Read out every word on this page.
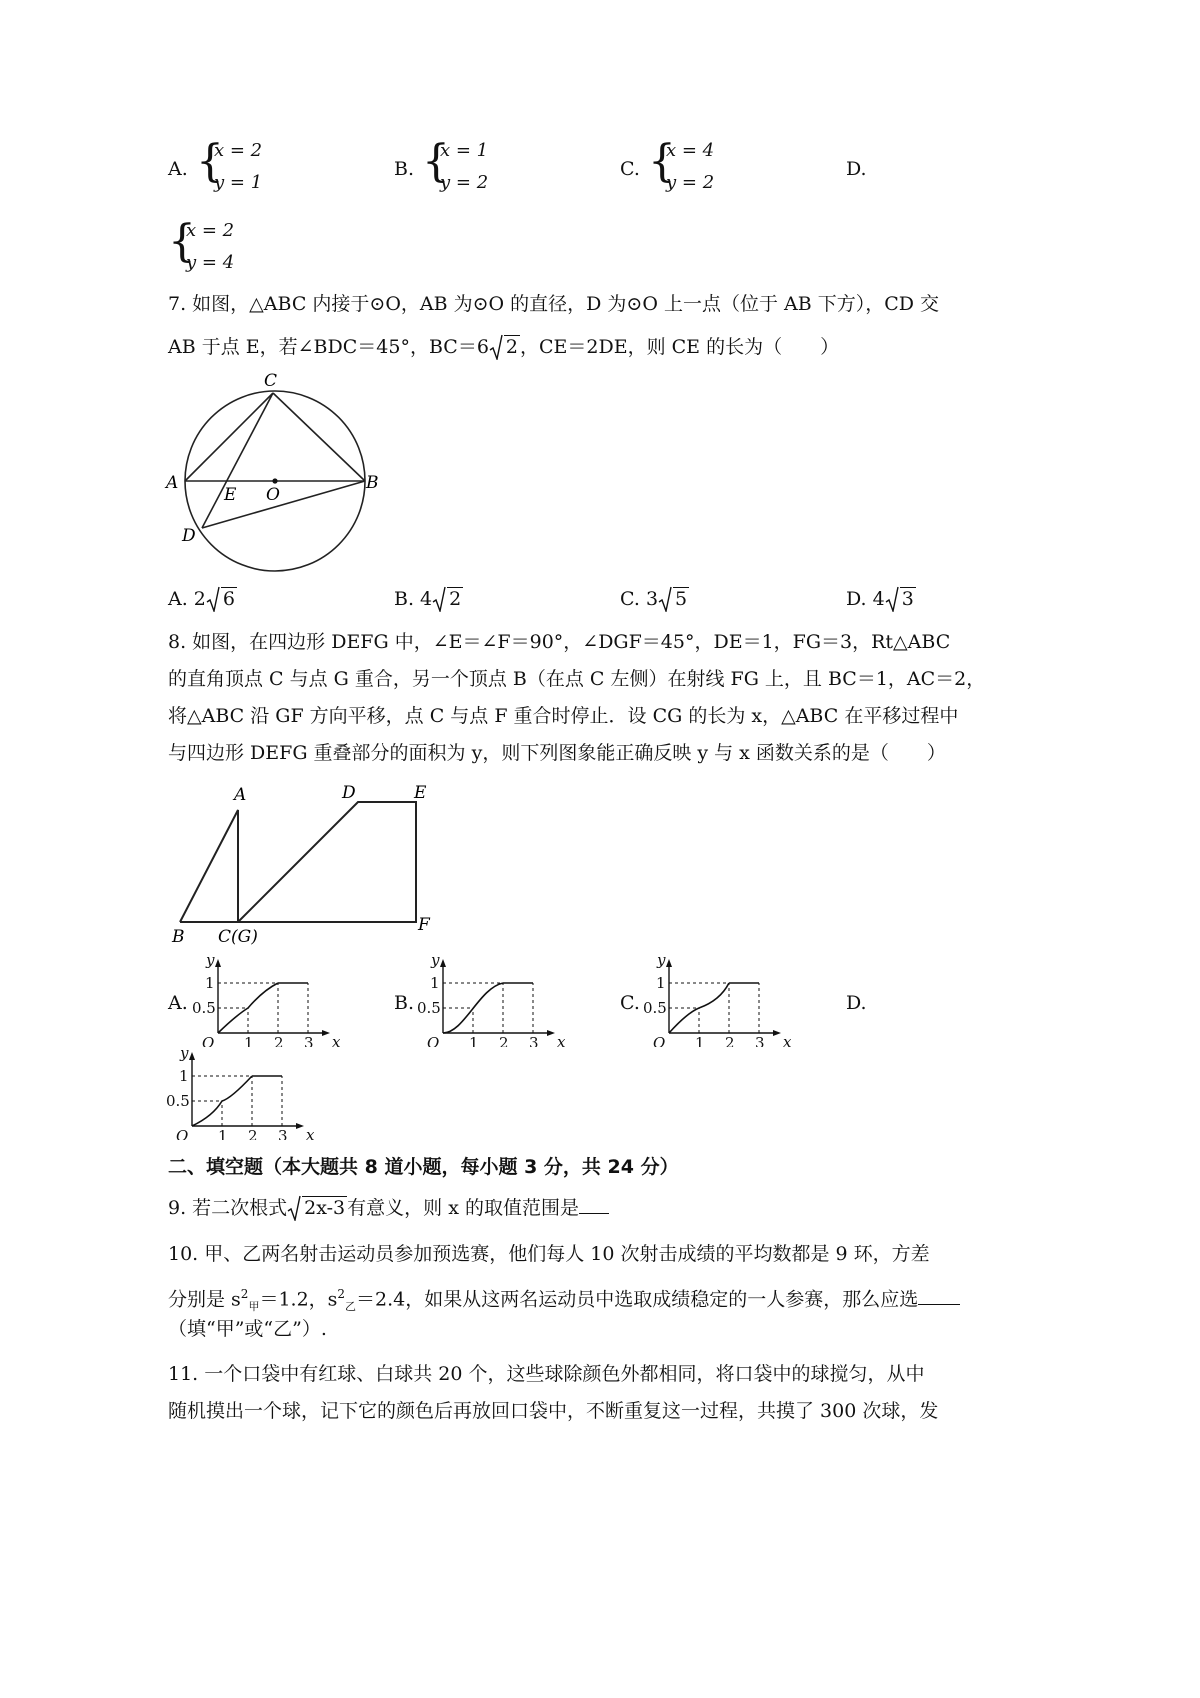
A. {
x = 2
y = 1
B. {
x = 1
y = 2
C. {
x = 4
y = 2
D.
{
x = 2
y = 4
7. 如图，△ABC 内接于⊙O，AB 为⊙O 的直径，D 为⊙O 上一点（位于 AB 下方），CD 交
AB 于点 E，若∠BDC＝45°，BC＝6 2 ，CE＝2DE，则 CE 的长为（　　）
C
A
E O
B
D
A. 2 6	B. 4 2	C. 3 5	D. 4 3
8. 如图，在四边形 DEFG 中，∠E＝∠F＝90°，∠DGF＝45°，DE＝1，FG＝3，Rt△ABC
的直角顶点 C 与点 G 重合，另一个顶点 B（在点 C 左侧）在射线 FG 上，且 BC＝1，AC＝2，
将△ABC 沿 GF 方向平移，点 C 与点 F 重合时停止．设 CG 的长为 x，△ABC 在平移过程中
与四边形 DEFG 重叠部分的面积为 y，则下列图象能正确反映 y 与 x 函数关系的是（　　）
A	D	E
B C(G)
F
A.	B.	C.	D.
y
x
O
1
0.5
1 2 3
y
x
O
1
0.5
1 2 3
y
x
O
1
0.5
1 2 3
y
x
O
1
0.5
1 2 3
二、填空题（本大题共 8 道小题，每小题 3 分，共 24 分）
9. 若二次根式 2x-3 有意义，则 x 的取值范围是
10. 甲、乙两名射击运动员参加预选赛，他们每人 10 次射击成绩的平均数都是 9 环，方差
分别是 $s^2_甲=1.2$，$s^2_乙=2.4$，如果从这两名运动员中选取成绩稳定的一人参赛，那么应选
（填“甲”或“乙”）.
11. 一个口袋中有红球、白球共 20 个，这些球除颜色外都相同，将口袋中的球搅匀，从中
随机摸出一个球，记下它的颜色后再放回口袋中，不断重复这一过程，共摸了 300 次球，发
